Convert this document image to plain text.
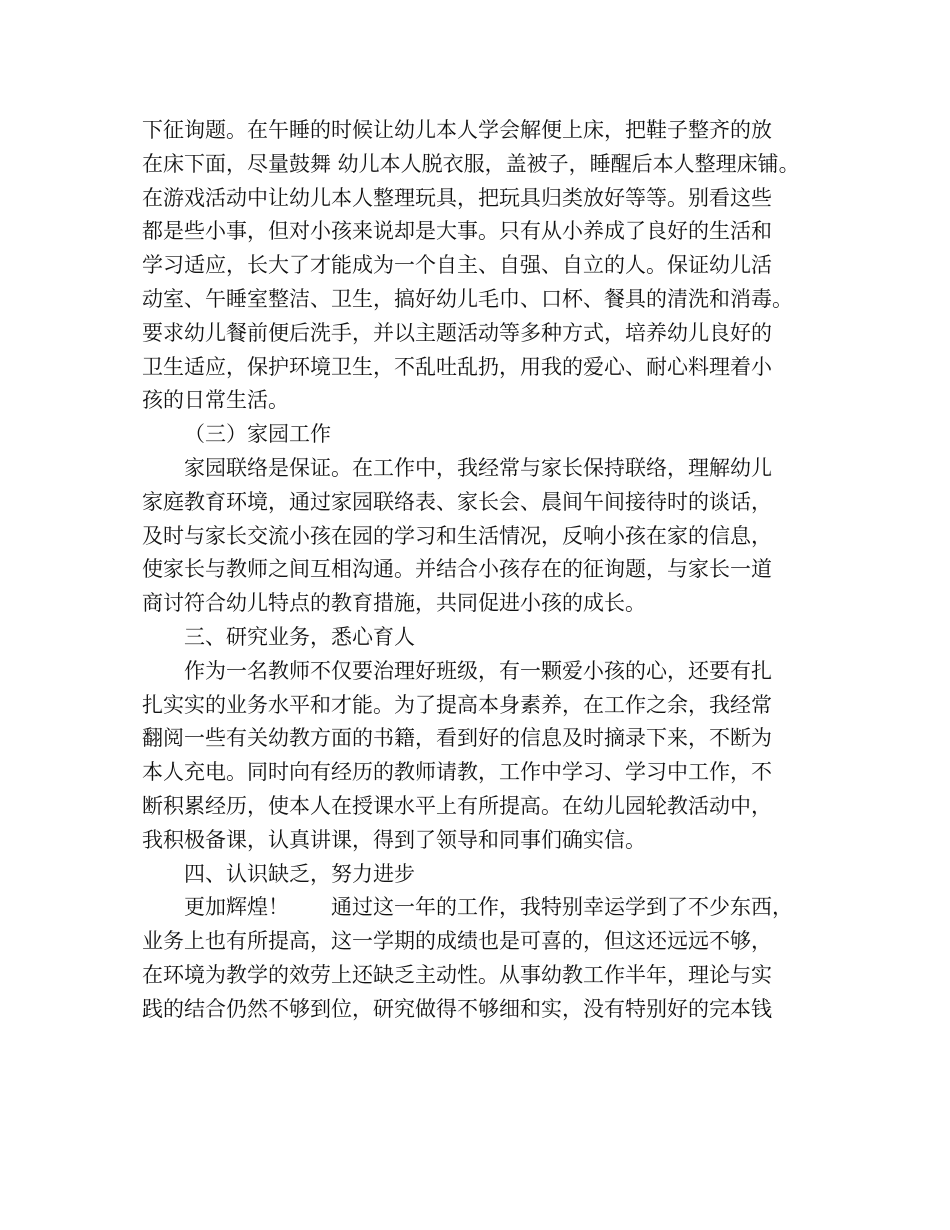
下征询题。在午睡的时候让幼儿本人学会解便上床，把鞋子整齐的放
在床下面，尽量鼓舞 幼儿本人脱衣服，盖被子，睡醒后本人整理床铺。
在游戏活动中让幼儿本人整理玩具，把玩具归类放好等等。别看这些
都是些小事，但对小孩来说却是大事。只有从小养成了良好的生活和
学习适应，长大了才能成为一个自主、自强、自立的人。保证幼儿活
动室、午睡室整洁、卫生，搞好幼儿毛巾、口杯、餐具的清洗和消毒。
要求幼儿餐前便后洗手，并以主题活动等多种方式，培养幼儿良好的
卫生适应，保护环境卫生，不乱吐乱扔，用我的爱心、耐心料理着小
孩的日常生活。
（三）家园工作
家园联络是保证。在工作中，我经常与家长保持联络，理解幼儿
家庭教育环境，通过家园联络表、家长会、晨间午间接待时的谈话，
及时与家长交流小孩在园的学习和生活情况，反响小孩在家的信息，
使家长与教师之间互相沟通。并结合小孩存在的征询题，与家长一道
商讨符合幼儿特点的教育措施，共同促进小孩的成长。
三、研究业务，悉心育人
作为一名教师不仅要治理好班级，有一颗爱小孩的心，还要有扎
扎实实的业务水平和才能。为了提高本身素养，在工作之余，我经常
翻阅一些有关幼教方面的书籍，看到好的信息及时摘录下来，不断为
本人充电。同时向有经历的教师请教，工作中学习、学习中工作，不
断积累经历，使本人在授课水平上有所提高。在幼儿园轮教活动中，
我积极备课，认真讲课，得到了领导和同事们确实信。
四、认识缺乏，努力进步
更加辉煌！　　通过这一年的工作，我特别幸运学到了不少东西，
业务上也有所提高，这一学期的成绩也是可喜的，但这还远远不够，
在环境为教学的效劳上还缺乏主动性。从事幼教工作半年，理论与实
践的结合仍然不够到位，研究做得不够细和实，没有特别好的完本钱
